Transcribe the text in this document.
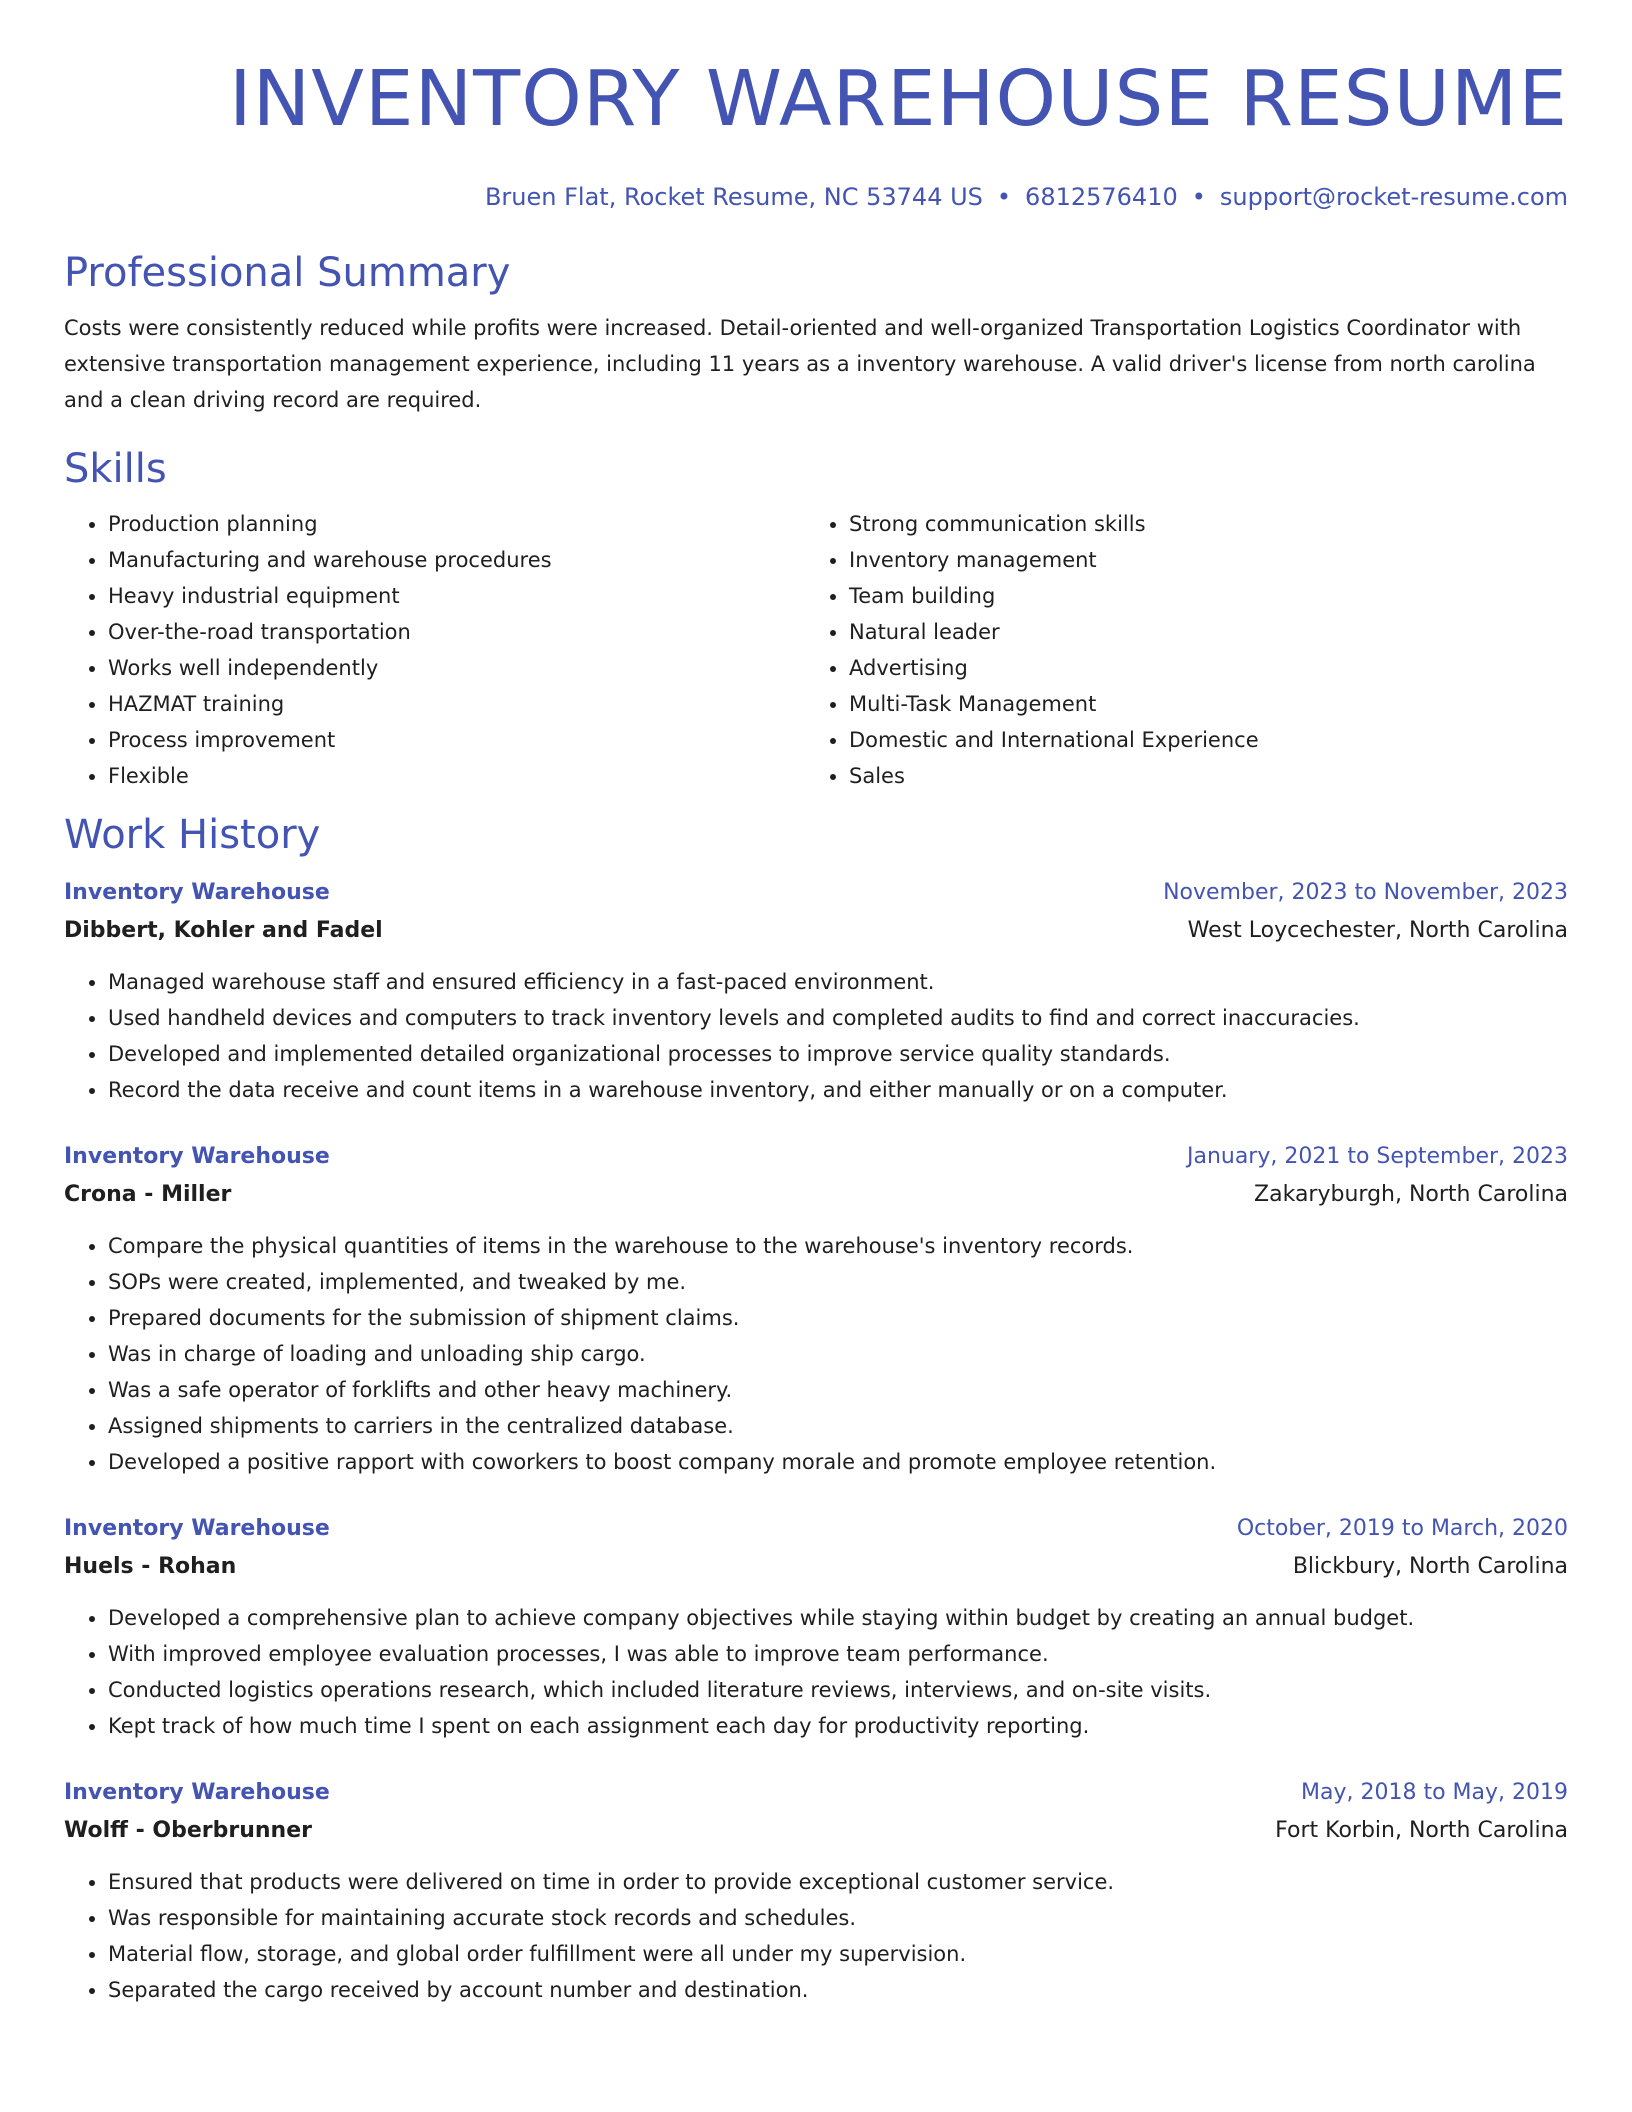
INVENTORY WAREHOUSE RESUME
Bruen Flat, Rocket Resume, NC 53744 US • 6812576410 • support@rocket-resume.com
Professional Summary
Costs were consistently reduced while profits were increased. Detail-oriented and well-organized Transportation Logistics Coordinator with extensive transportation management experience, including 11 years as a inventory warehouse. A valid driver's license from north carolina and a clean driving record are required.
Skills
• Production planning
• Manufacturing and warehouse procedures
• Heavy industrial equipment
• Over-the-road transportation
• Works well independently
• HAZMAT training
• Process improvement
• Flexible
• Strong communication skills
• Inventory management
• Team building
• Natural leader
• Advertising
• Multi-Task Management
• Domestic and International Experience
• Sales
Work History
Inventory Warehouse	November, 2023 to November, 2023
Dibbert, Kohler and Fadel	West Loycechester, North Carolina
• Managed warehouse staff and ensured efficiency in a fast-paced environment.
• Used handheld devices and computers to track inventory levels and completed audits to find and correct inaccuracies.
• Developed and implemented detailed organizational processes to improve service quality standards.
• Record the data receive and count items in a warehouse inventory, and either manually or on a computer.
Inventory Warehouse	January, 2021 to September, 2023
Crona - Miller	Zakaryburgh, North Carolina
• Compare the physical quantities of items in the warehouse to the warehouse's inventory records.
• SOPs were created, implemented, and tweaked by me.
• Prepared documents for the submission of shipment claims.
• Was in charge of loading and unloading ship cargo.
• Was a safe operator of forklifts and other heavy machinery.
• Assigned shipments to carriers in the centralized database.
• Developed a positive rapport with coworkers to boost company morale and promote employee retention.
Inventory Warehouse	October, 2019 to March, 2020
Huels - Rohan	Blickbury, North Carolina
• Developed a comprehensive plan to achieve company objectives while staying within budget by creating an annual budget.
• With improved employee evaluation processes, I was able to improve team performance.
• Conducted logistics operations research, which included literature reviews, interviews, and on-site visits.
• Kept track of how much time I spent on each assignment each day for productivity reporting.
Inventory Warehouse	May, 2018 to May, 2019
Wolff - Oberbrunner	Fort Korbin, North Carolina
• Ensured that products were delivered on time in order to provide exceptional customer service.
• Was responsible for maintaining accurate stock records and schedules.
• Material flow, storage, and global order fulfillment were all under my supervision.
• Separated the cargo received by account number and destination.
